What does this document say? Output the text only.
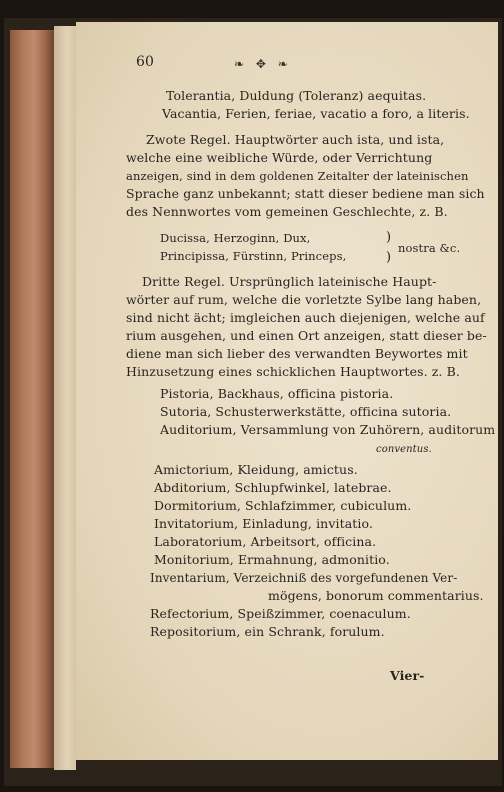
60	❧ ✥ ❧
Tolerantia, Duldung (Toleranz) aequitas.
Vacantia, Ferien, feriae, vacatio a foro, a literis.
Zwote Regel. Hauptwörter auch ista, und ista,
welche eine weibliche Würde, oder Verrichtung
anzeigen, sind in dem goldenen Zeitalter der lateinischen
Sprache ganz unbekannt; statt dieser bediene man sich
des Nennwortes vom gemeinen Geschlechte, z. B.
Ducissa, Herzoginn, Dux,
Principissa, Fürstinn, Princeps,
)
)
nostra &c.
Dritte Regel. Ursprünglich lateinische Haupt-
wörter auf rum, welche die vorletzte Sylbe lang haben,
sind nicht ächt; imgleichen auch diejenigen, welche auf
rium ausgehen, und einen Ort anzeigen, statt dieser be-
diene man sich lieber des verwandten Beywortes mit
Hinzusetzung eines schicklichen Hauptwortes. z. B.
Pistoria, Backhaus, officina pistoria.
Sutoria, Schusterwerkstätte, officina sutoria.
Auditorium, Versammlung von Zuhörern, auditorum
conventus.
Amictorium, Kleidung, amictus.
Abditorium, Schlupfwinkel, latebrae.
Dormitorium, Schlafzimmer, cubiculum.
Invitatorium, Einladung, invitatio.
Laboratorium, Arbeitsort, officina.
Monitorium, Ermahnung, admonitio.
Inventarium, Verzeichniß des vorgefundenen Ver-
mögens, bonorum commentarius.
Refectorium, Speißzimmer, coenaculum.
Repositorium, ein Schrank, forulum.
Vier-
